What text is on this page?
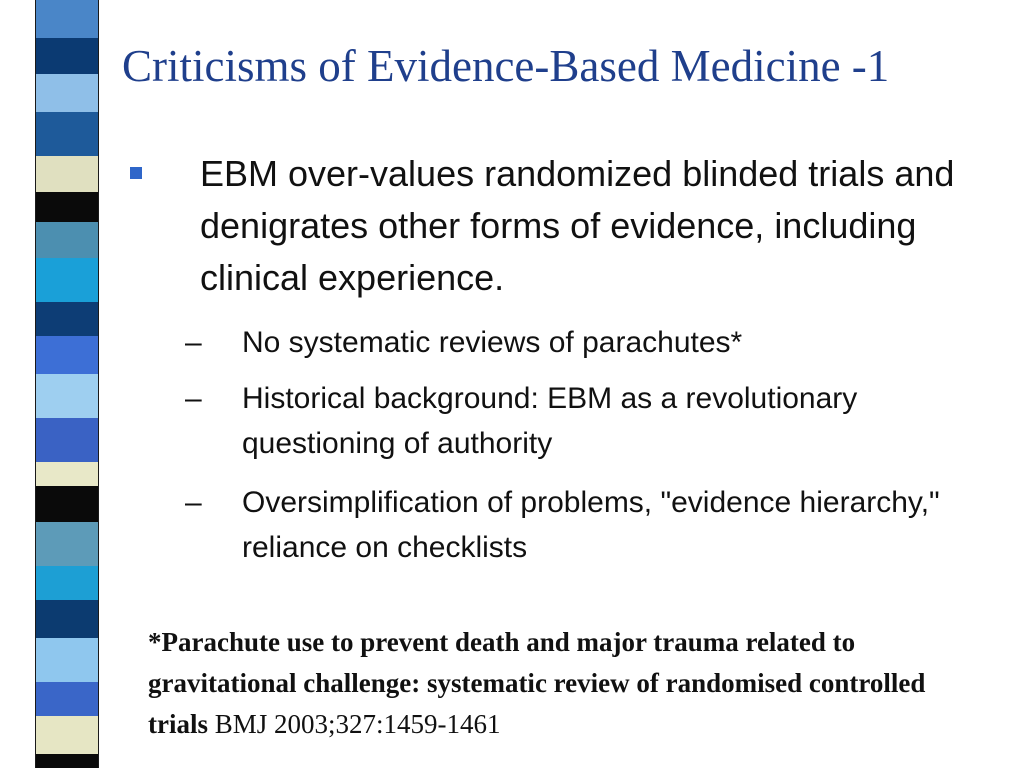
Criticisms of Evidence-Based Medicine -1
EBM over-values randomized blinded trials and denigrates other forms of evidence, including clinical experience.
– No systematic reviews of parachutes*
– Historical background: EBM as a revolutionary questioning of authority
– Oversimplification of problems, "evidence hierarchy," reliance on checklists
*Parachute use to prevent death and major trauma related to gravitational challenge: systematic review of randomised controlled trials BMJ 2003;327:1459-1461
